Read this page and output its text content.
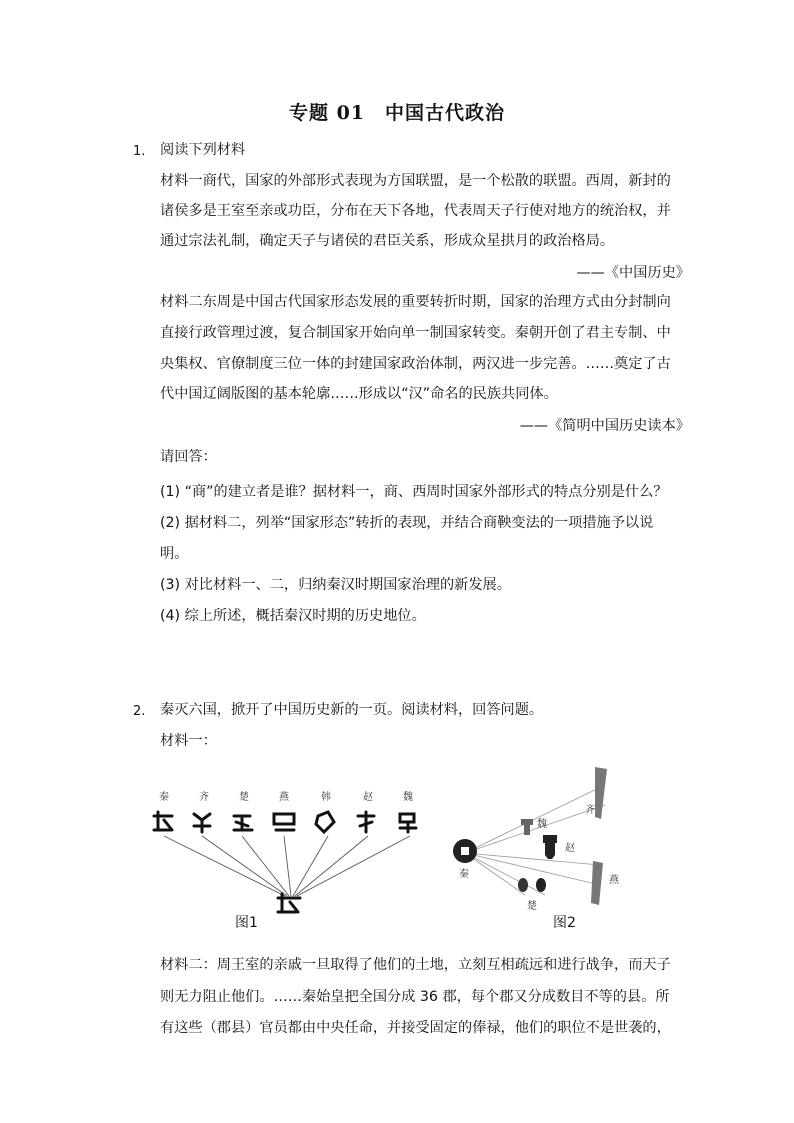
专题 01　中国古代政治
1. 阅读下列材料
材料一商代，国家的外部形式表现为方国联盟，是一个松散的联盟。西周，新封的
诸侯多是王室至亲或功臣，分布在天下各地，代表周天子行使对地方的统治权，并
通过宗法礼制，确定天子与诸侯的君臣关系，形成众星拱月的政治格局。
——《中国历史》
材料二东周是中国古代国家形态发展的重要转折时期，国家的治理方式由分封制向
直接行政管理过渡，复合制国家开始向单一制国家转变。秦朝开创了君主专制、中
央集权、官僚制度三位一体的封建国家政治体制，两汉进一步完善。……奠定了古
代中国辽阔版图的基本轮廓……形成以“汉”命名的民族共同体。
——《简明中国历史读本》
请回答：
(1) “商”的建立者是谁？据材料一，商、西周时国家外部形式的特点分别是什么？
(2) 据材料二，列举“国家形态”转折的表现，并结合商鞅变法的一项措施予以说
明。
(3) 对比材料一、二，归纳秦汉时期国家治理的新发展。
(4) 综上所述，概括秦汉时期的历史地位。
2. 秦灭六国，掀开了中国历史新的一页。阅读材料，回答问题。
材料一：
秦	齐	楚	燕	韩	赵	魏
图1
秦
齐
魏
赵
燕
楚
图2
材料二：周王室的亲戚一旦取得了他们的土地，立刻互相疏远和进行战争，而天子
则无力阻止他们。……秦始皇把全国分成 36 郡，每个郡又分成数目不等的县。所
有这些（郡县）官员都由中央任命，并接受固定的俸禄，他们的职位不是世袭的，
